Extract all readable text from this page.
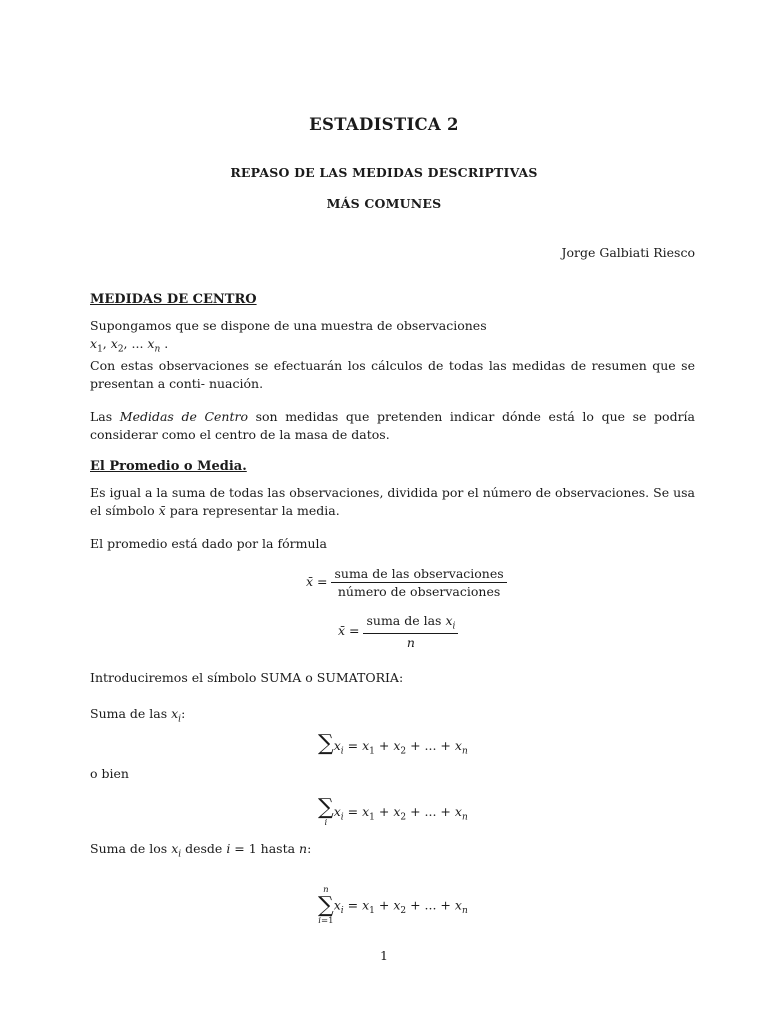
ESTADISTICA 2
REPASO DE LAS MEDIDAS DESCRIPTIVAS
MÁS COMUNES
Jorge Galbiati Riesco
MEDIDAS DE CENTRO
Supongamos que se dispone de una muestra de observaciones
$x_1$, $x_2$, ... $x_n$ .
Con estas observaciones se efectuarán los cálculos de todas las medidas de resumen que se presentan a conti- nuación.
Las Medidas de Centro son medidas que pretenden indicar dónde está lo que se podría considerar como el centro de la masa de datos.
El Promedio o Media.
Es igual a la suma de todas las observaciones, dividida por el número de observaciones. Se usa el símbolo x̄ para representar la media.
El promedio está dado por la fórmula
x̄ = $\frac{\text{suma de las observaciones}}{\text{número de observaciones}}$
x̄ = $\frac{suma de las x_i}{n}$
Introduciremos el símbolo SUMA o SUMATORIA:
Suma de las $x_i$:
$\sum x_i = x_1 + x_2$ + ... + $x_n$
o bien
∑
i
$x_i = x_1 + x_2$ + ... + $x_n$
Suma de los $x_i$ desde i = 1 hasta n:
n
∑
i=1
$x_i = x_1 + x_2$ + ... + $x_n$
1
